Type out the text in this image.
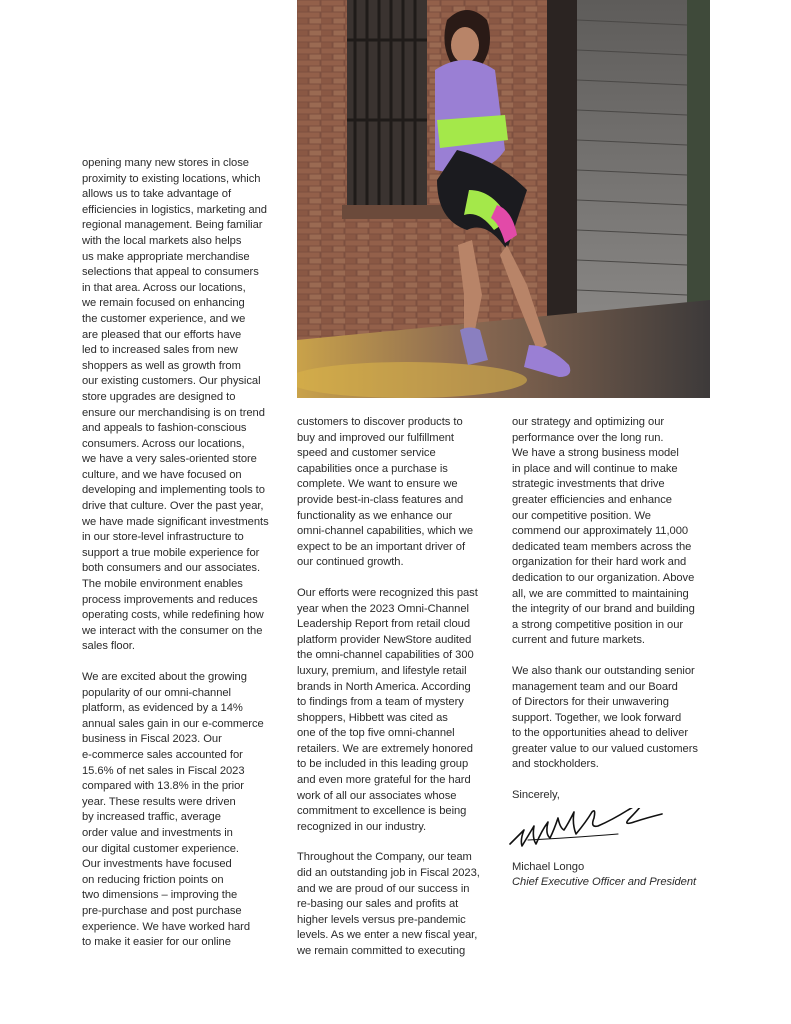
opening many new stores in close
proximity to existing locations, which
allows us to take advantage of
efficiencies in logistics, marketing and
regional management. Being familiar
with the local markets also helps
us make appropriate merchandise
selections that appeal to consumers
in that area. Across our locations,
we remain focused on enhancing
the customer experience, and we
are pleased that our efforts have
led to increased sales from new
shoppers as well as growth from
our existing customers. Our physical
store upgrades are designed to
ensure our merchandising is on trend
and appeals to fashion-conscious
consumers. Across our locations,
we have a very sales-oriented store
culture, and we have focused on
developing and implementing tools to
drive that culture. Over the past year,
we have made significant investments
in our store-level infrastructure to
support a true mobile experience for
both consumers and our associates.
The mobile environment enables
process improvements and reduces
operating costs, while redefining how
we interact with the consumer on the
sales floor.

We are excited about the growing
popularity of our omni-channel
platform, as evidenced by a 14%
annual sales gain in our e-commerce
business in Fiscal 2023. Our
e-commerce sales accounted for
15.6% of net sales in Fiscal 2023
compared with 13.8% in the prior
year. These results were driven
by increased traffic, average
order value and investments in
our digital customer experience.
Our investments have focused
on reducing friction points on
two dimensions – improving the
pre-purchase and post purchase
experience. We have worked hard
to make it easier for our online

customers to discover products to
buy and improved our fulfillment
speed and customer service
capabilities once a purchase is
complete. We want to ensure we
provide best-in-class features and
functionality as we enhance our
omni-channel capabilities, which we
expect to be an important driver of
our continued growth.

Our efforts were recognized this past
year when the 2023 Omni-Channel
Leadership Report from retail cloud
platform provider NewStore audited
the omni-channel capabilities of 300
luxury, premium, and lifestyle retail
brands in North America. According
to findings from a team of mystery
shoppers, Hibbett was cited as
one of the top five omni-channel
retailers. We are extremely honored
to be included in this leading group
and even more grateful for the hard
work of all our associates whose
commitment to excellence is being
recognized in our industry.

Throughout the Company, our team
did an outstanding job in Fiscal 2023,
and we are proud of our success in
re-basing our sales and profits at
higher levels versus pre-pandemic
levels. As we enter a new fiscal year,
we remain committed to executing

our strategy and optimizing our
performance over the long run.
We have a strong business model
in place and will continue to make
strategic investments that drive
greater efficiencies and enhance
our competitive position. We
commend our approximately 11,000
dedicated team members across the
organization for their hard work and
dedication to our organization. Above
all, we are committed to maintaining
the integrity of our brand and building
a strong competitive position in our
current and future markets.

We also thank our outstanding senior
management team and our Board
of Directors for their unwavering
support. Together, we look forward
to the opportunities ahead to deliver
greater value to our valued customers
and stockholders.

Sincerely,
Michael Longo
Chief Executive Officer and President
